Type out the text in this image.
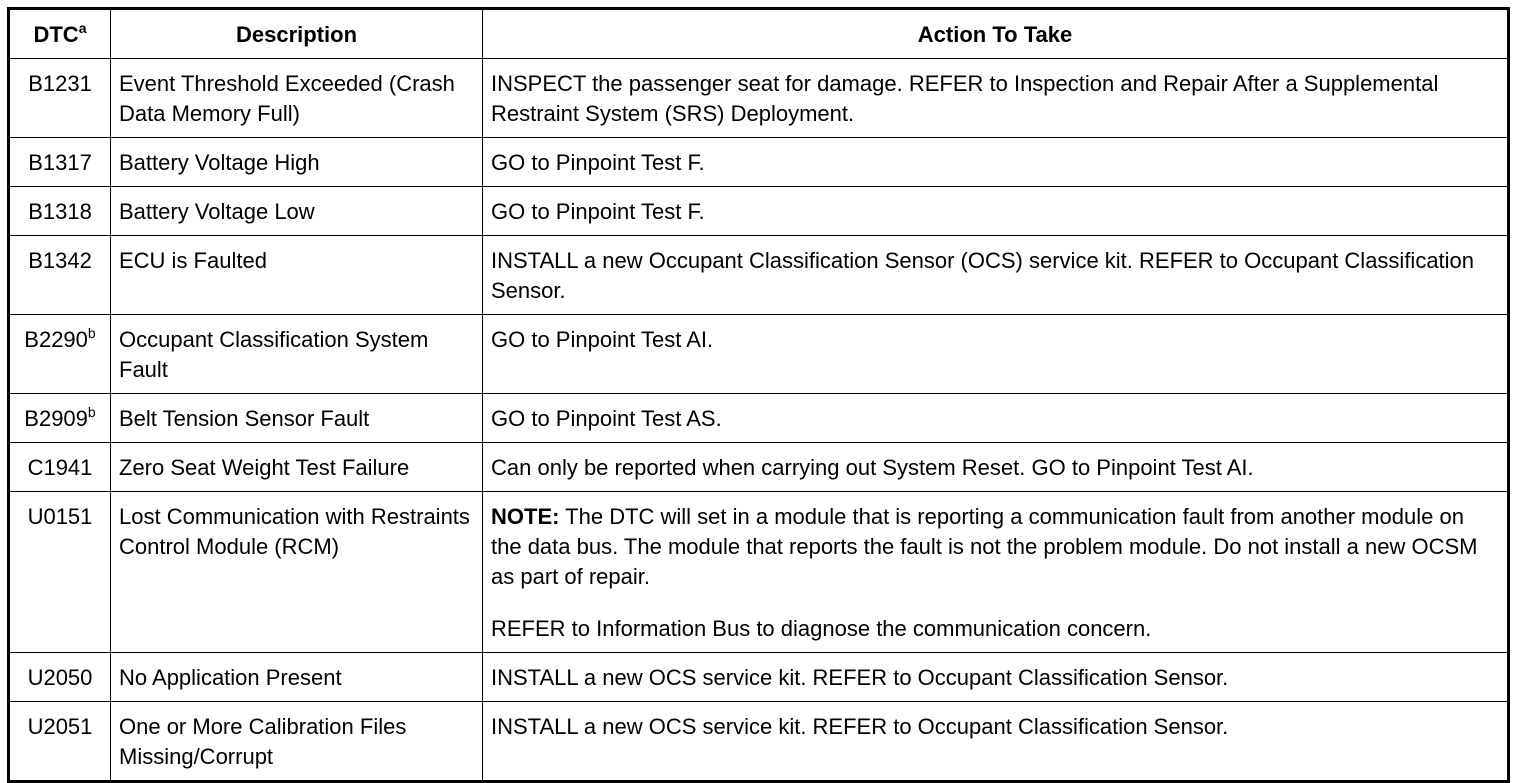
DTC$^a$	Description	Action To Take
B1231	Event Threshold Exceeded (Crash Data Memory Full)	INSPECT the passenger seat for damage. REFER to Inspection and Repair After a Supplemental Restraint System (SRS) Deployment.

B1317	Battery Voltage High	GO to Pinpoint Test F.

B1318	Battery Voltage Low	GO to Pinpoint Test F.

B1342	ECU is Faulted	INSTALL a new Occupant Classification Sensor (OCS) service kit. REFER to Occupant Classification Sensor.

B2290$^b$	Occupant Classification System Fault	GO to Pinpoint Test AI.

B2909$^b$	Belt Tension Sensor Fault	GO to Pinpoint Test AS.

C1941	Zero Seat Weight Test Failure	Can only be reported when carrying out System Reset. GO to Pinpoint Test AI.

U0151	Lost Communication with Restraints Control Module (RCM)	NOTE: The DTC will set in a module that is reporting a communication fault from another module on the data bus. The module that reports the fault is not the problem module. Do not install a new OCSM as part of repair.

REFER to Information Bus to diagnose the communication concern.

U2050	No Application Present	INSTALL a new OCS service kit. REFER to Occupant Classification Sensor.

U2051	One or More Calibration Files Missing/Corrupt	INSTALL a new OCS service kit. REFER to Occupant Classification Sensor.
